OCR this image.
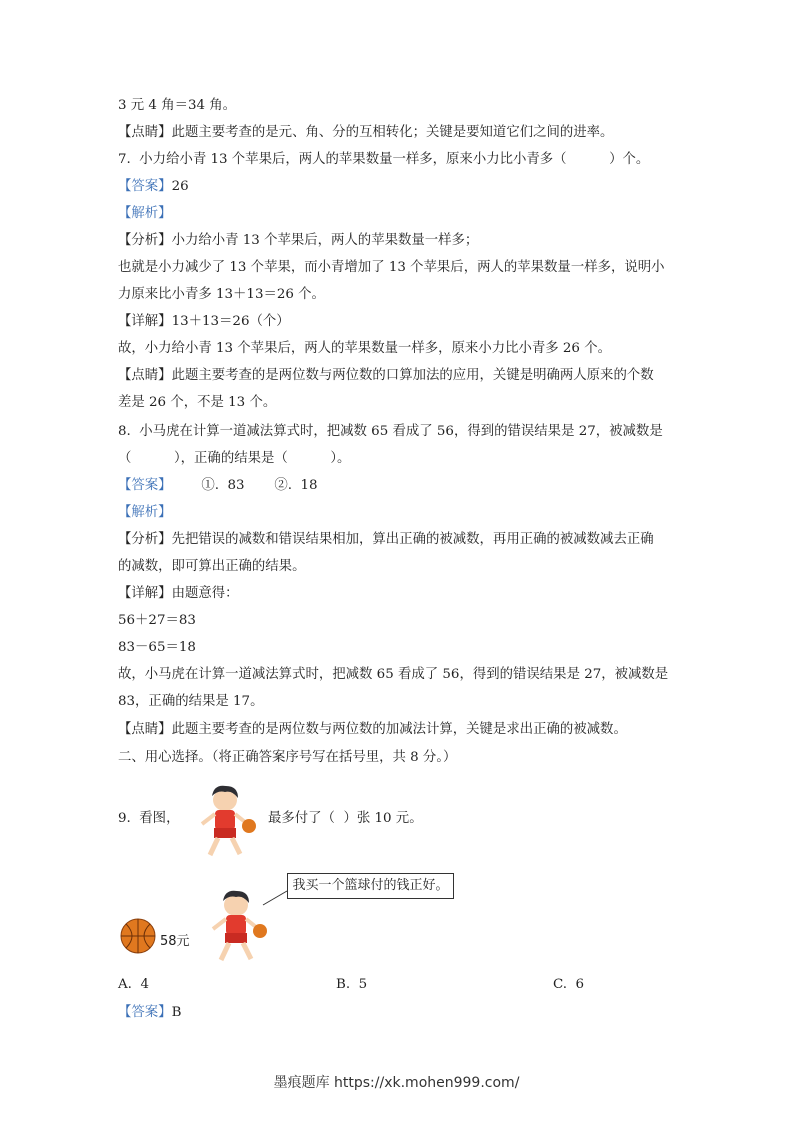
3 元 4 角＝34 角。
【点睛】此题主要考查的是元、角、分的互相转化；关键是要知道它们之间的进率。
7.  小力给小青 13 个苹果后，两人的苹果数量一样多，原来小力比小青多（          ）个。
【答案】26
【解析】
【分析】小力给小青 13 个苹果后，两人的苹果数量一样多；
也就是小力减少了 13 个苹果，而小青增加了 13 个苹果后，两人的苹果数量一样多，说明小
力原来比小青多 13＋13＝26 个。
【详解】13＋13＝26（个）
故，小力给小青 13 个苹果后，两人的苹果数量一样多，原来小力比小青多 26 个。
【点睛】此题主要考查的是两位数与两位数的口算加法的应用，关键是明确两人原来的个数
差是 26 个，不是 13 个。
8.  小马虎在计算一道减法算式时，把减数 65 看成了 56，得到的错误结果是 27，被减数是
（          ），正确的结果是（          ）。
【答案】       ①.  83       ②.  18
【解析】
【分析】先把错误的减数和错误结果相加，算出正确的被减数，再用正确的被减数减去正确
的减数，即可算出正确的结果。
【详解】由题意得：
56＋27＝83
83－65＝18
故，小马虎在计算一道减法算式时，把减数 65 看成了 56，得到的错误结果是 27，被减数是
83，正确的结果是 17。
【点睛】此题主要考查的是两位数与两位数的加减法计算，关键是求出正确的被减数。
二、用心选择。（将正确答案序号写在括号里，共 8 分。）
9.  看图，	最多付了（  ）张 10 元。
我买一个篮球付的钱正好。
58元
A.  4	B.  5	C.  6
【答案】B
墨痕题库 https://xk.mohen999.com/
